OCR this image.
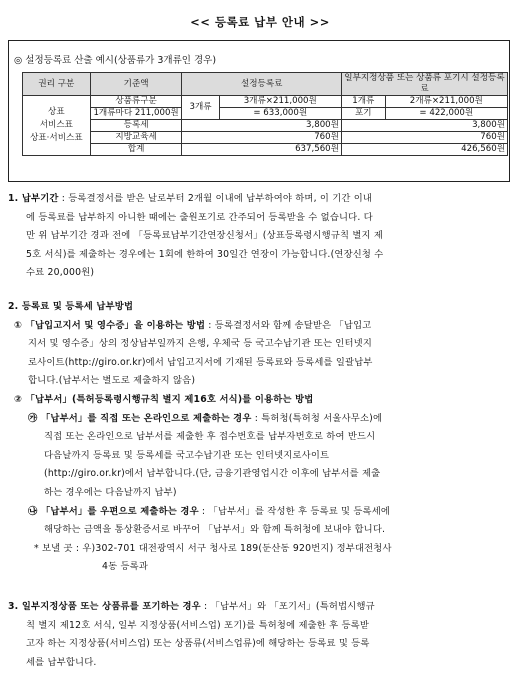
<< 등록료 납부 안내 >>
◎ 설정등록료 산출 예시(상품류가 3개류인 경우)
권리 구분	기준액	설정등록료		일부지정상품 또는 상품류 포기시 설정등록료	

상표
서비스표
상표·서비스표	상품류구분	3개류	3개류×211,000원	1개류	2개류×211,000원
	1개류마다 211,000원		= 633,000원	포기	= 422,000원
	등록세	3,800원		3,800원	
	지방교육세	760원		760원	
	합계	637,560원		426,560원	

1. 납부기간 : 등록결정서를 받은 날로부터 2개월 이내에 납부하여야 하며, 이 기간 이내

에 등록료를 납부하지 아니한 때에는 출원포기로 간주되어 등록받을 수 없습니다. 다

만 위 납부기간 경과 전에 「등록료납부기간연장신청서」(상표등록령시행규칙 별지 제

5호 서식)를 제출하는 경우에는 1회에 한하여 30일간 연장이 가능합니다.(연장신청 수

수료 20,000원)

2. 등록료 및 등록세 납부방법

① 「납입고지서 및 영수증」을 이용하는 방법 : 등록결정서와 함께 송달받은 「납입고

지서 및 영수증」상의 정상납부일까지 은행, 우체국 등 국고수납기관 또는 인터넷지

로사이트(http://giro.or.kr)에서 납입고지서에 기재된 등록료와 등록세를 일괄납부

합니다.(납부서는 별도로 제출하지 않음)

② 「납부서」(특허등록령시행규칙 별지 제16호 서식)를 이용하는 방법

㉮ 「납부서」를 직접 또는 온라인으로 제출하는 경우 : 특허청(특허청 서울사무소)에

직접 또는 온라인으로 납부서를 제출한 후 접수번호를 납부자번호로 하여 반드시

다음날까지 등록료 및 등록세를 국고수납기관 또는 인터넷지로사이트

(http://giro.or.kr)에서 납부합니다.(단, 금융기관영업시간 이후에 납부서를 제출

하는 경우에는 다음날까지 납부)

㉯ 「납부서」를 우편으로 제출하는 경우 : 「납부서」를 작성한 후 등록료 및 등록세에

해당하는 금액을 통상환증서로 바꾸어 「납부서」와 함께 특허청에 보내야 합니다.

* 보낼 곳 : 우)302-701 대전광역시 서구 청사로 189(둔산동 920번지) 정부대전청사

4동 등록과

3. 일부지정상품 또는 상품류를 포기하는 경우 : 「납부서」와 「포기서」(특허법시행규

칙 별지 제12호 서식, 일부 지정상품(서비스업) 포기)를 특허청에 제출한 후 등록받

고자 하는 지정상품(서비스업) 또는 상품류(서비스업류)에 해당하는 등록료 및 등록

세를 납부합니다.
